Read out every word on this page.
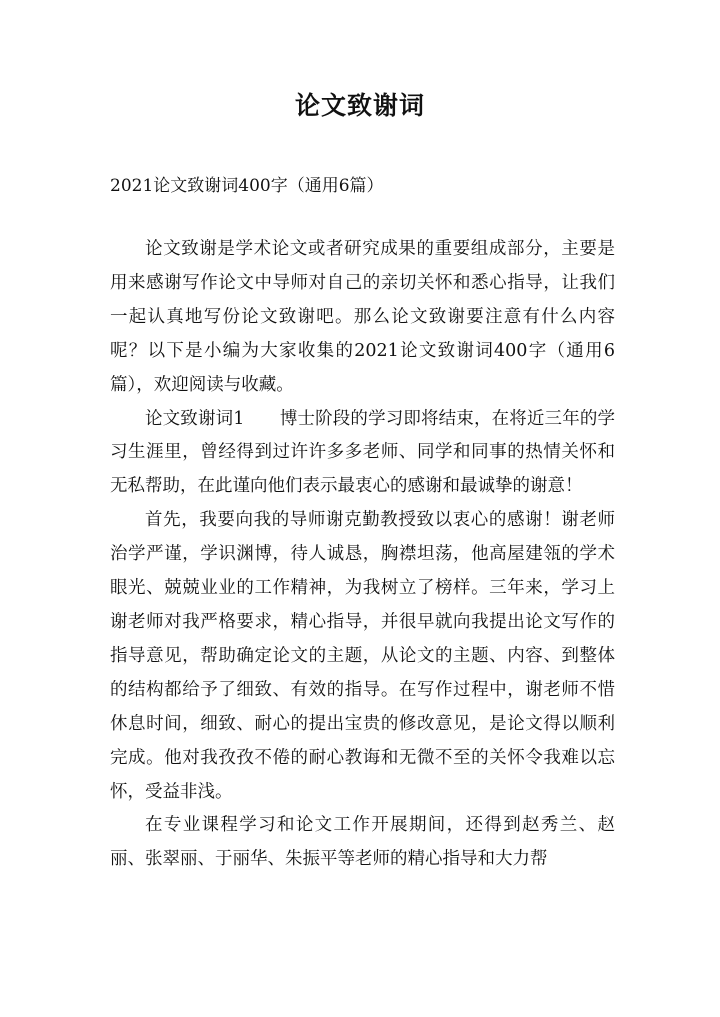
论文致谢词
2021论文致谢词400字（通用6篇）

论文致谢是学术论文或者研究成果的重要组成部分，主要是用来感谢写作论文中导师对自己的亲切关怀和悉心指导，让我们一起认真地写份论文致谢吧。那么论文致谢要注意有什么内容呢？以下是小编为大家收集的2021论文致谢词400字（通用6篇），欢迎阅读与收藏。

论文致谢词1　　博士阶段的学习即将结束，在将近三年的学习生涯里，曾经得到过许许多多老师、同学和同事的热情关怀和无私帮助，在此谨向他们表示最衷心的感谢和最诚挚的谢意！

首先，我要向我的导师谢克勤教授致以衷心的感谢！谢老师治学严谨，学识渊博，待人诚恳，胸襟坦荡，他高屋建瓴的学术眼光、兢兢业业的工作精神，为我树立了榜样。三年来，学习上谢老师对我严格要求，精心指导，并很早就向我提出论文写作的指导意见，帮助确定论文的主题，从论文的主题、内容、到整体的结构都给予了细致、有效的指导。在写作过程中，谢老师不惜休息时间，细致、耐心的提出宝贵的修改意见，是论文得以顺利完成。他对我孜孜不倦的耐心教诲和无微不至的关怀令我难以忘怀，受益非浅。

在专业课程学习和论文工作开展期间，还得到赵秀兰、赵丽、张翠丽、于丽华、朱振平等老师的精心指导和大力帮
